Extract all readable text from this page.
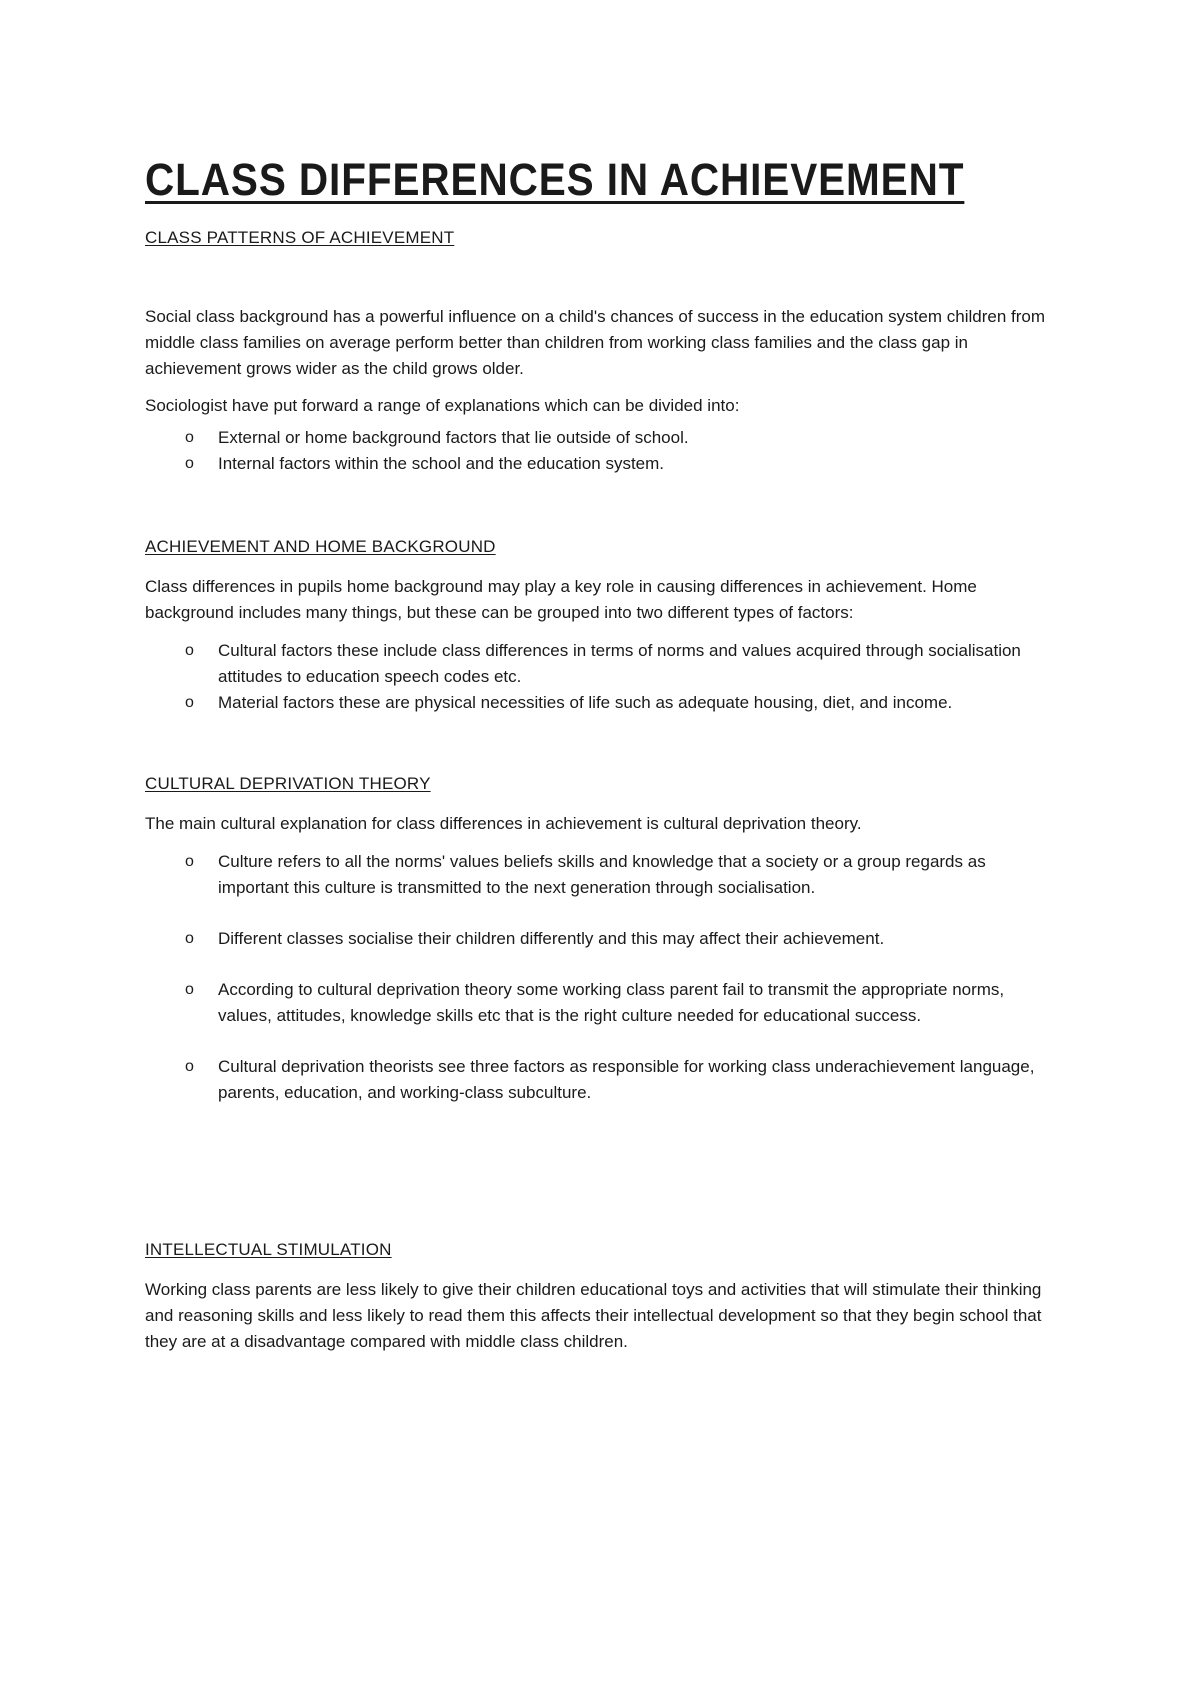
CLASS DIFFERENCES IN ACHIEVEMENT
CLASS PATTERNS OF ACHIEVEMENT

Social class background has a powerful influence on a child's chances of success in the education system children from middle class families on average perform better than children from working class families and the class gap in achievement grows wider as the child grows older.

Sociologist have put forward a range of explanations which can be divided into:

o External or home background factors that lie outside of school.
o Internal factors within the school and the education system.
ACHIEVEMENT AND HOME BACKGROUND

Class differences in pupils home background may play a key role in causing differences in achievement. Home background includes many things, but these can be grouped into two different types of factors:

o Cultural factors these include class differences in terms of norms and values acquired through socialisation attitudes to education speech codes etc.
o Material factors these are physical necessities of life such as adequate housing, diet, and income.
CULTURAL DEPRIVATION THEORY

The main cultural explanation for class differences in achievement is cultural deprivation theory.

o Culture refers to all the norms' values beliefs skills and knowledge that a society or a group regards as important this culture is transmitted to the next generation through socialisation.
o Different classes socialise their children differently and this may affect their achievement.
o According to cultural deprivation theory some working class parent fail to transmit the appropriate norms, values, attitudes, knowledge skills etc that is the right culture needed for educational success.
o Cultural deprivation theorists see three factors as responsible for working class underachievement language, parents, education, and working-class subculture.
INTELLECTUAL STIMULATION

Working class parents are less likely to give their children educational toys and activities that will stimulate their thinking and reasoning skills and less likely to read them this affects their intellectual development so that they begin school that they are at a disadvantage compared with middle class children.
